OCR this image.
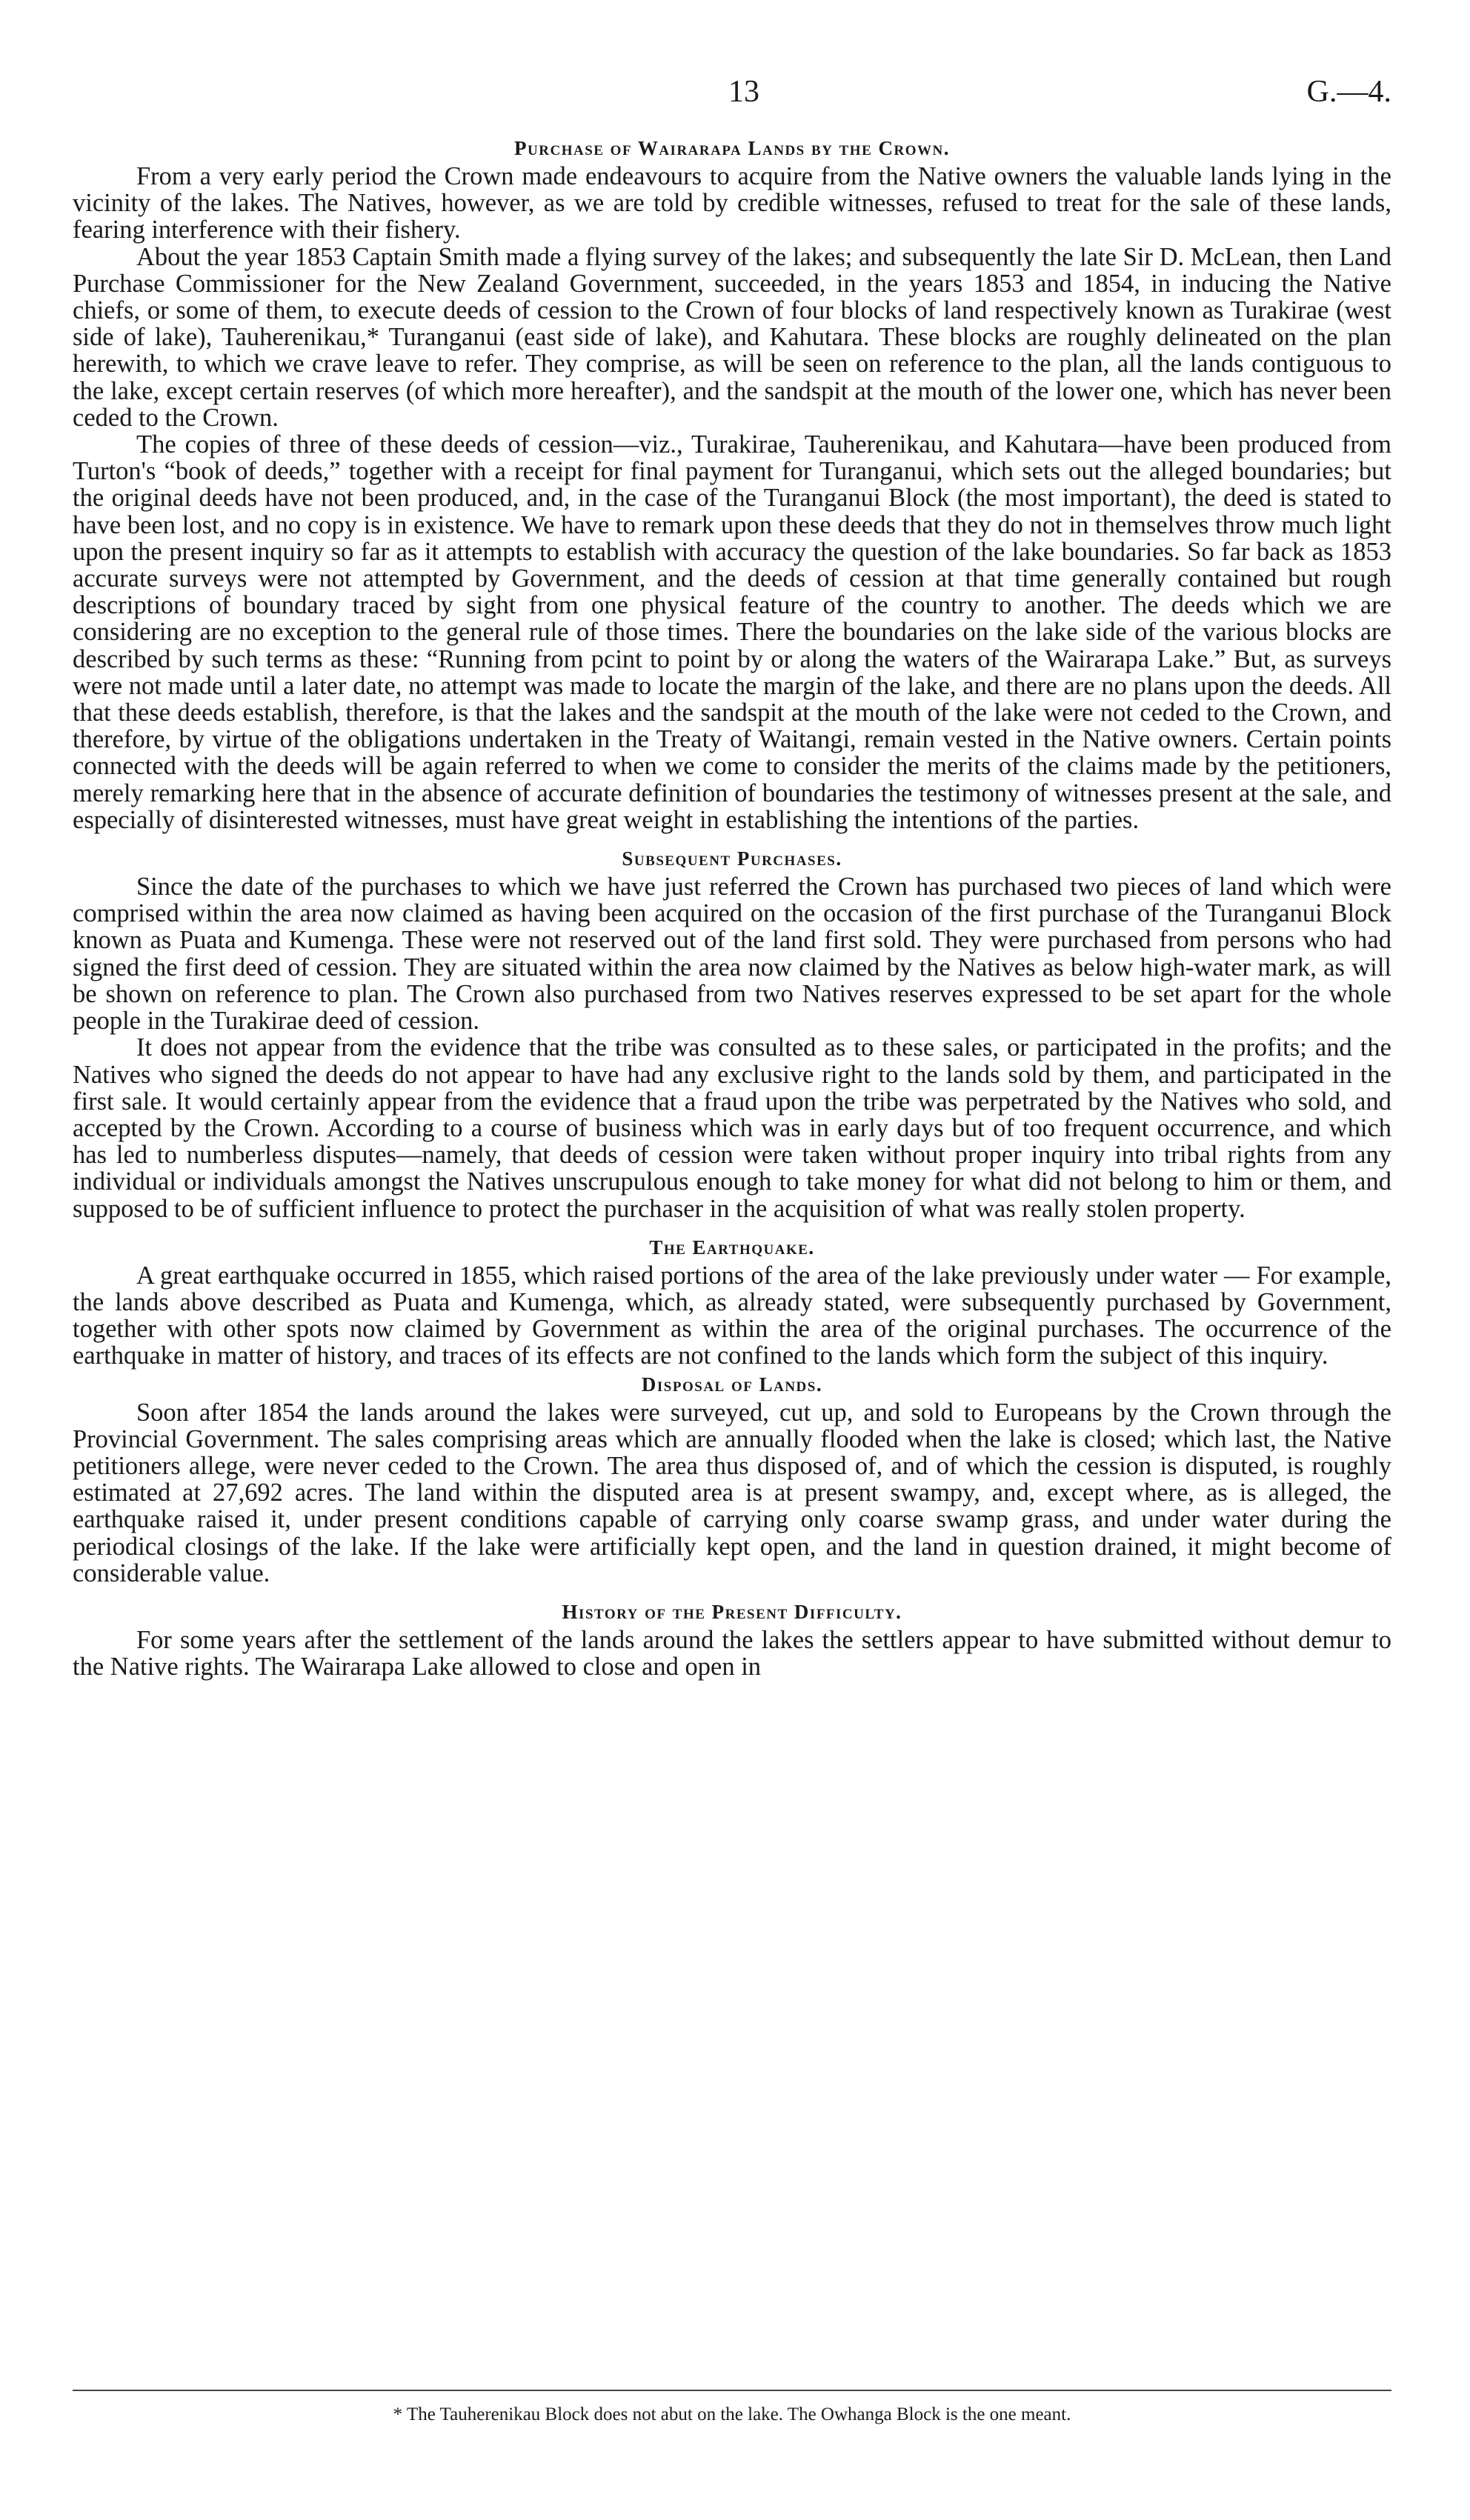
13	G.—4.
Purchase of Wairarapa Lands by the Crown.

From a very early period the Crown made endeavours to acquire from the Native owners the valuable lands lying in the vicinity of the lakes. The Natives, however, as we are told by credible witnesses, refused to treat for the sale of these lands, fearing interference with their fishery.

About the year 1853 Captain Smith made a flying survey of the lakes; and subsequently the late Sir D. McLean, then Land Purchase Commissioner for the New Zealand Government, succeeded, in the years 1853 and 1854, in inducing the Native chiefs, or some of them, to execute deeds of cession to the Crown of four blocks of land respectively known as Turakirae (west side of lake), Tauherenikau,* Turanganui (east side of lake), and Kahutara. These blocks are roughly delineated on the plan herewith, to which we crave leave to refer. They comprise, as will be seen on reference to the plan, all the lands contiguous to the lake, except certain reserves (of which more hereafter), and the sandspit at the mouth of the lower one, which has never been ceded to the Crown.

The copies of three of these deeds of cession—viz., Turakirae, Tauherenikau, and Kahutara—have been produced from Turton's “book of deeds,” together with a receipt for final payment for Turanganui, which sets out the alleged boundaries; but the original deeds have not been produced, and, in the case of the Turanganui Block (the most important), the deed is stated to have been lost, and no copy is in existence. We have to remark upon these deeds that they do not in themselves throw much light upon the present inquiry so far as it attempts to establish with accuracy the question of the lake boundaries. So far back as 1853 accurate surveys were not attempted by Government, and the deeds of cession at that time generally contained but rough descriptions of boundary traced by sight from one physical feature of the country to another. The deeds which we are considering are no exception to the general rule of those times. There the boundaries on the lake side of the various blocks are described by such terms as these: “Running from pcint to point by or along the waters of the Wairarapa Lake.” But, as surveys were not made until a later date, no attempt was made to locate the margin of the lake, and there are no plans upon the deeds. All that these deeds establish, therefore, is that the lakes and the sandspit at the mouth of the lake were not ceded to the Crown, and therefore, by virtue of the obligations undertaken in the Treaty of Waitangi, remain vested in the Native owners. Certain points connected with the deeds will be again referred to when we come to consider the merits of the claims made by the petitioners, merely remarking here that in the absence of accurate definition of boundaries the testimony of witnesses present at the sale, and especially of disinterested witnesses, must have great weight in establishing the intentions of the parties.

Subsequent Purchases.

Since the date of the purchases to which we have just referred the Crown has purchased two pieces of land which were comprised within the area now claimed as having been acquired on the occasion of the first purchase of the Turanganui Block known as Puata and Kumenga. These were not reserved out of the land first sold. They were purchased from persons who had signed the first deed of cession. They are situated within the area now claimed by the Natives as below high-water mark, as will be shown on reference to plan. The Crown also purchased from two Natives reserves expressed to be set apart for the whole people in the Turakirae deed of cession.

It does not appear from the evidence that the tribe was consulted as to these sales, or participated in the profits; and the Natives who signed the deeds do not appear to have had any exclusive right to the lands sold by them, and participated in the first sale. It would certainly appear from the evidence that a fraud upon the tribe was perpetrated by the Natives who sold, and accepted by the Crown. According to a course of business which was in early days but of too frequent occurrence, and which has led to numberless disputes—namely, that deeds of cession were taken without proper inquiry into tribal rights from any individual or individuals amongst the Natives unscrupulous enough to take money for what did not belong to him or them, and supposed to be of sufficient influence to protect the purchaser in the acquisition of what was really stolen property.

The Earthquake.

A great earthquake occurred in 1855, which raised portions of the area of the lake previously under water — For example, the lands above described as Puata and Kumenga, which, as already stated, were subsequently purchased by Government, together with other spots now claimed by Government as within the area of the original purchases. The occurrence of the earthquake in matter of history, and traces of its effects are not confined to the lands which form the subject of this inquiry.

Disposal of Lands.

Soon after 1854 the lands around the lakes were surveyed, cut up, and sold to Europeans by the Crown through the Provincial Government. The sales comprising areas which are annually flooded when the lake is closed; which last, the Native petitioners allege, were never ceded to the Crown. The area thus disposed of, and of which the cession is disputed, is roughly estimated at 27,692 acres. The land within the disputed area is at present swampy, and, except where, as is alleged, the earthquake raised it, under present conditions capable of carrying only coarse swamp grass, and under water during the periodical closings of the lake. If the lake were artificially kept open, and the land in question drained, it might become of considerable value.

History of the Present Difficulty.

For some years after the settlement of the lands around the lakes the settlers appear to have submitted without demur to the Native rights. The Wairarapa Lake allowed to close and open in

* The Tauherenikau Block does not abut on the lake. The Owhanga Block is the one meant.
